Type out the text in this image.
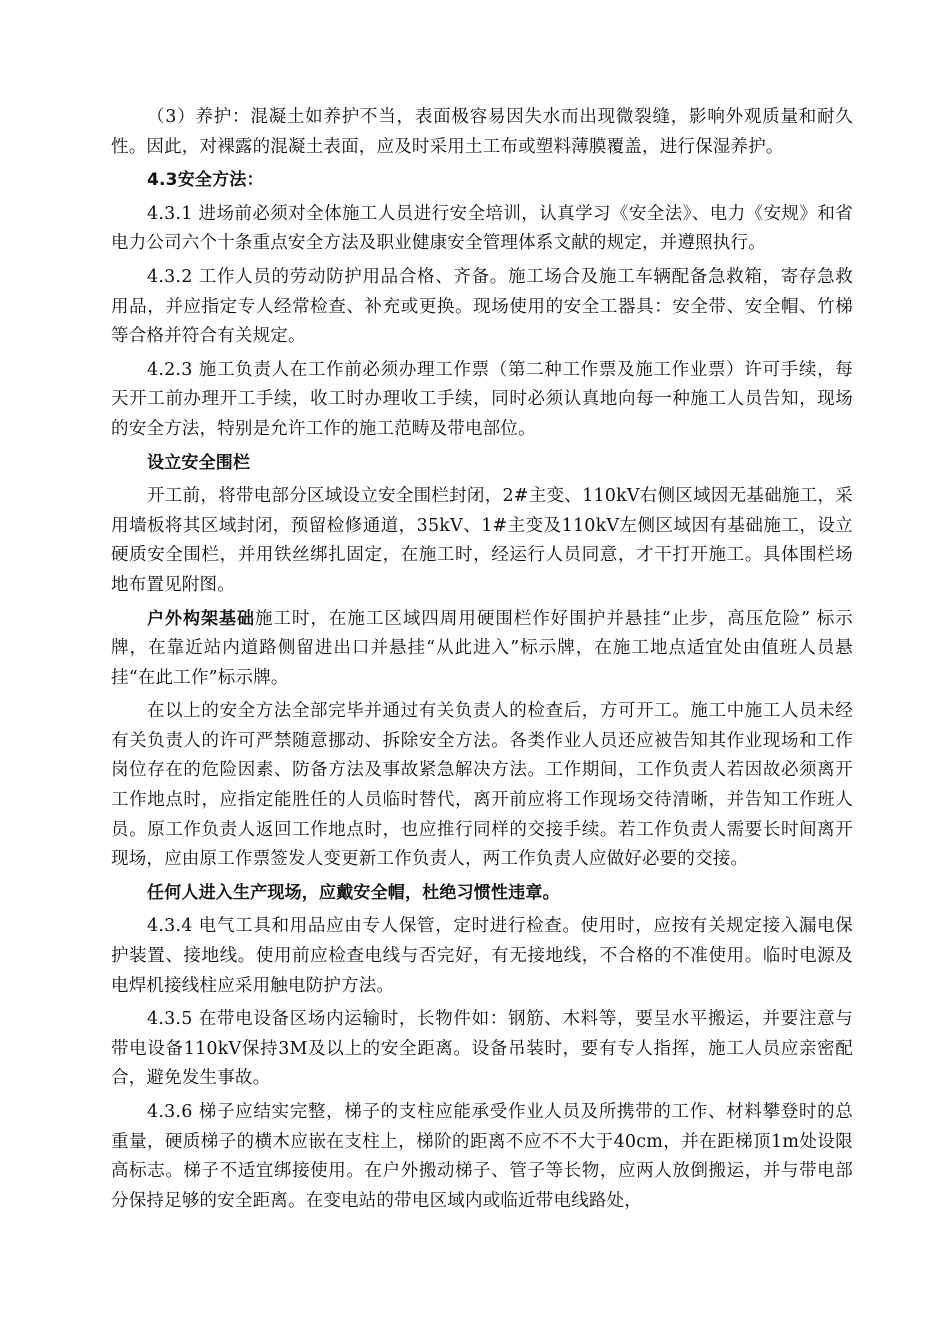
（3）养护：混凝土如养护不当，表面极容易因失水而出现微裂缝，影响外观质量和耐久性。因此，对裸露的混凝土表面，应及时采用土工布或塑料薄膜覆盖，进行保湿养护。

4.3安全方法：

4.3.1 进场前必须对全体施工人员进行安全培训，认真学习《安全法》、电力《安规》和省电力公司六个十条重点安全方法及职业健康安全管理体系文献的规定，并遵照执行。

4.3.2 工作人员的劳动防护用品合格、齐备。施工场合及施工车辆配备急救箱，寄存急救用品，并应指定专人经常检查、补充或更换。现场使用的安全工器具：安全带、安全帽、竹梯等合格并符合有关规定。

4.2.3 施工负责人在工作前必须办理工作票（第二种工作票及施工作业票）许可手续，每天开工前办理开工手续，收工时办理收工手续，同时必须认真地向每一种施工人员告知，现场的安全方法，特别是允许工作的施工范畴及带电部位。

设立安全围栏

开工前，将带电部分区域设立安全围栏封闭，2#主变、110kV右侧区域因无基础施工，采用墙板将其区域封闭，预留检修通道，35kV、1#主变及110kV左侧区域因有基础施工，设立硬质安全围栏，并用铁丝绑扎固定，在施工时，经运行人员同意，才干打开施工。具体围栏场地布置见附图。

户外构架基础施工时，在施工区域四周用硬围栏作好围护并悬挂“止步，高压危险” 标示牌，在靠近站内道路侧留进出口并悬挂“从此进入”标示牌，在施工地点适宜处由值班人员悬挂“在此工作”标示牌。

在以上的安全方法全部完毕并通过有关负责人的检查后，方可开工。施工中施工人员未经有关负责人的许可严禁随意挪动、拆除安全方法。各类作业人员还应被告知其作业现场和工作岗位存在的危险因素、防备方法及事故紧急解决方法。工作期间，工作负责人若因故必须离开工作地点时，应指定能胜任的人员临时替代，离开前应将工作现场交待清晰，并告知工作班人员。原工作负责人返回工作地点时，也应推行同样的交接手续。若工作负责人需要长时间离开现场，应由原工作票签发人变更新工作负责人，两工作负责人应做好必要的交接。

任何人进入生产现场，应戴安全帽，杜绝习惯性违章。

4.3.4 电气工具和用品应由专人保管，定时进行检查。使用时，应按有关规定接入漏电保护装置、接地线。使用前应检查电线与否完好，有无接地线，不合格的不准使用。临时电源及电焊机接线柱应采用触电防护方法。

4.3.5 在带电设备区场内运输时，长物件如：钢筋、木料等，要呈水平搬运，并要注意与带电设备110kV保持3M及以上的安全距离。设备吊装时，要有专人指挥，施工人员应亲密配合，避免发生事故。

4.3.6 梯子应结实完整，梯子的支柱应能承受作业人员及所携带的工作、材料攀登时的总重量，硬质梯子的横木应嵌在支柱上，梯阶的距离不应不不大于40cm，并在距梯顶1m处设限高标志。梯子不适宜绑接使用。在户外搬动梯子、管子等长物，应两人放倒搬运，并与带电部分保持足够的安全距离。在变电站的带电区域内或临近带电线路处，
